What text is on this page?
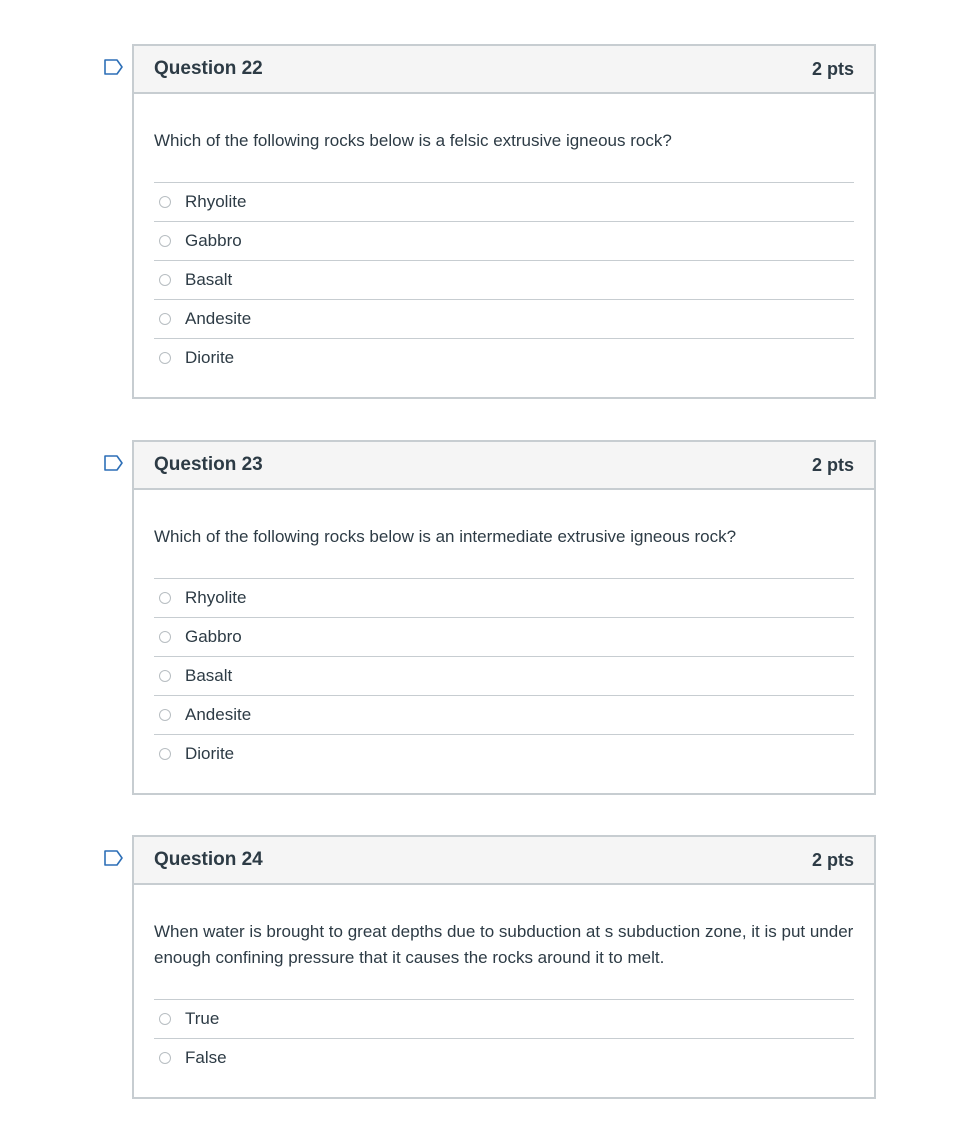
Question 22	2 pts

Which of the following rocks below is a felsic extrusive igneous rock?

Rhyolite
Gabbro
Basalt
Andesite
Diorite
Question 23	2 pts

Which of the following rocks below is an intermediate extrusive igneous rock?

Rhyolite
Gabbro
Basalt
Andesite
Diorite
Question 24	2 pts

When water is brought to great depths due to subduction at s subduction zone, it is put under enough confining pressure that it causes the rocks around it to melt.

True
False
